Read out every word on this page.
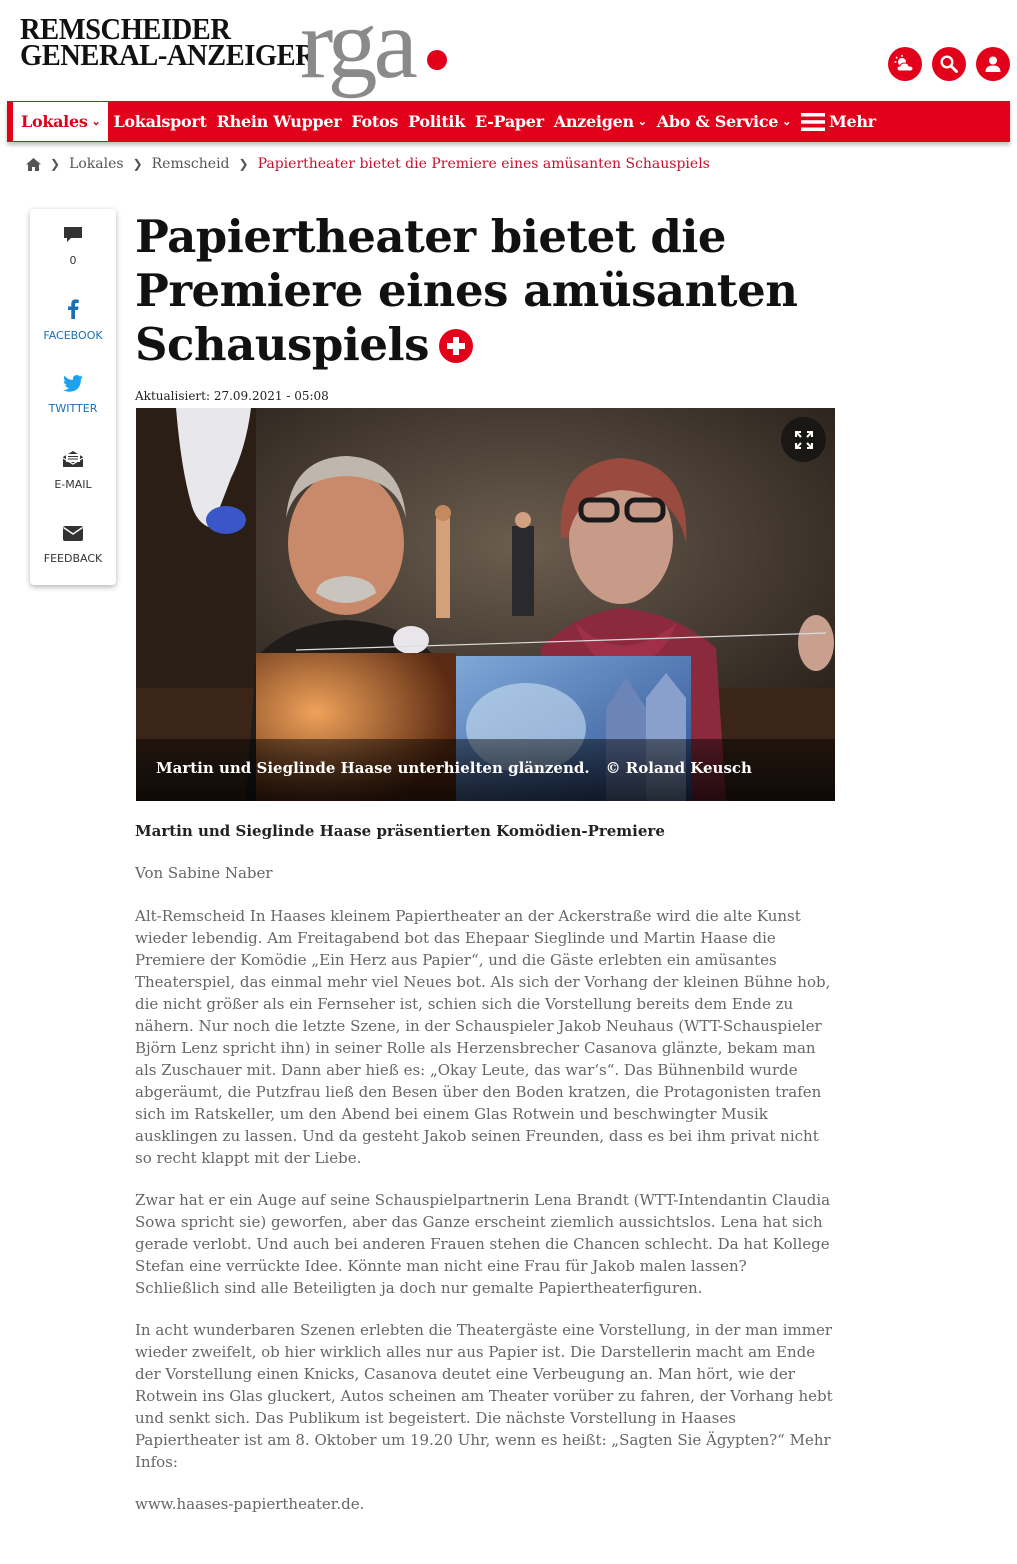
REMSCHEIDER
GENERAL-ANZEIGER
rga
Lokales ⌄ Lokalsport Rhein Wupper Fotos Politik E-Paper Anzeigen ⌄ Abo & Service ⌄ Mehr
❯ Lokales ❯ Remscheid ❯ Papiertheater bietet die Premiere eines amüsanten Schauspiels
0
FACEBOOK
TWITTER
E-MAIL
FEEDBACK
Papiertheater bietet die Premiere eines amüsanten Schauspiels
Aktualisiert: 27.09.2021 - 05:08
Martin und Sieglinde Haase unterhielten glänzend. © Roland Keusch
Martin und Sieglinde Haase präsentierten Komödien-Premiere
Von Sabine Naber

Alt-Remscheid In Haases kleinem Papiertheater an der Ackerstraße wird die alte Kunst wieder lebendig. Am Freitagabend bot das Ehepaar Sieglinde und Martin Haase die Premiere der Komödie „Ein Herz aus Papier“, und die Gäste erlebten ein amüsantes Theaterspiel, das einmal mehr viel Neues bot. Als sich der Vorhang der kleinen Bühne hob, die nicht größer als ein Fernseher ist, schien sich die Vorstellung bereits dem Ende zu nähern. Nur noch die letzte Szene, in der Schauspieler Jakob Neuhaus (WTT-Schauspieler Björn Lenz spricht ihn) in seiner Rolle als Herzensbrecher Casanova glänzte, bekam man als Zuschauer mit. Dann aber hieß es: „Okay Leute, das war‘s“. Das Bühnenbild wurde abgeräumt, die Putzfrau ließ den Besen über den Boden kratzen, die Protagonisten trafen sich im Ratskeller, um den Abend bei einem Glas Rotwein und beschwingter Musik ausklingen zu lassen. Und da gesteht Jakob seinen Freunden, dass es bei ihm privat nicht so recht klappt mit der Liebe.

Zwar hat er ein Auge auf seine Schauspielpartnerin Lena Brandt (WTT-Intendantin Claudia Sowa spricht sie) geworfen, aber das Ganze erscheint ziemlich aussichtslos. Lena hat sich gerade verlobt. Und auch bei anderen Frauen stehen die Chancen schlecht. Da hat Kollege Stefan eine verrückte Idee. Könnte man nicht eine Frau für Jakob malen lassen? Schließlich sind alle Beteiligten ja doch nur gemalte Papiertheaterfiguren.

In acht wunderbaren Szenen erlebten die Theatergäste eine Vorstellung, in der man immer wieder zweifelt, ob hier wirklich alles nur aus Papier ist. Die Darstellerin macht am Ende der Vorstellung einen Knicks, Casanova deutet eine Verbeugung an. Man hört, wie der Rotwein ins Glas gluckert, Autos scheinen am Theater vorüber zu fahren, der Vorhang hebt und senkt sich. Das Publikum ist begeistert. Die nächste Vorstellung in Haases Papiertheater ist am 8. Oktober um 19.20 Uhr, wenn es heißt: „Sagten Sie Ägypten?“ Mehr Infos:

www.haases-papiertheater.de.
